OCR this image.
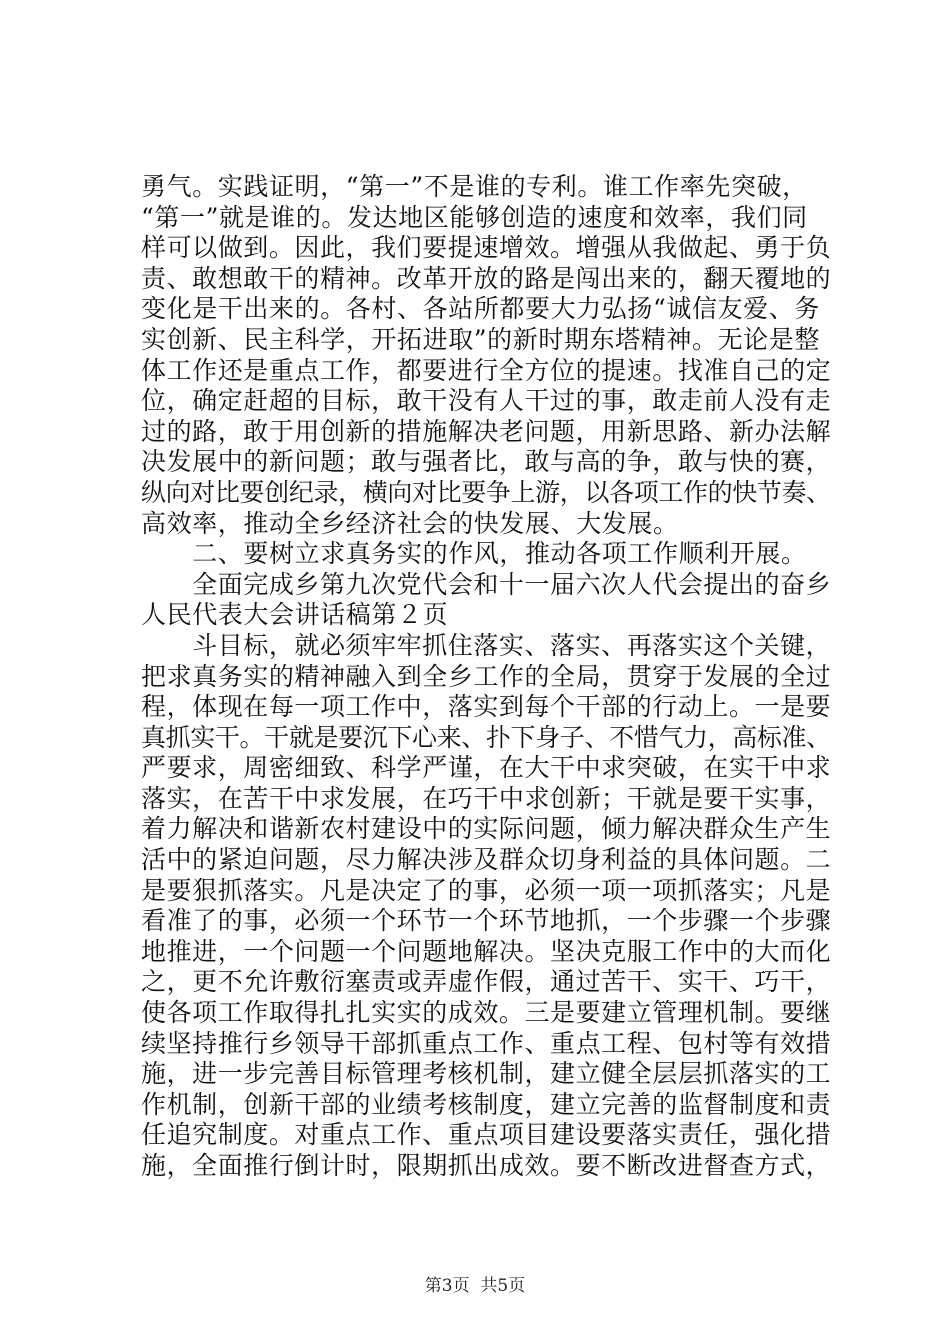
勇气。实践证明，“第一”不是谁的专利。谁工作率先突破，
“第一”就是谁的。发达地区能够创造的速度和效率，我们同
样可以做到。因此，我们要提速增效。增强从我做起、勇于负
责、敢想敢干的精神。改革开放的路是闯出来的，翻天覆地的
变化是干出来的。各村、各站所都要大力弘扬“诚信友爱、务
实创新、民主科学，开拓进取”的新时期东塔精神。无论是整
体工作还是重点工作，都要进行全方位的提速。找准自己的定
位，确定赶超的目标，敢干没有人干过的事，敢走前人没有走
过的路，敢于用创新的措施解决老问题，用新思路、新办法解
决发展中的新问题；敢与强者比，敢与高的争，敢与快的赛，
纵向对比要创纪录，横向对比要争上游，以各项工作的快节奏、
高效率，推动全乡经济社会的快发展、大发展。
　　二、要树立求真务实的作风，推动各项工作顺利开展。
　　全面完成乡第九次党代会和十一届六次人代会提出的奋乡
人民代表大会讲话稿第２页
　　斗目标，就必须牢牢抓住落实、落实、再落实这个关键，
把求真务实的精神融入到全乡工作的全局，贯穿于发展的全过
程，体现在每一项工作中，落实到每个干部的行动上。一是要
真抓实干。干就是要沉下心来、扑下身子、不惜气力，高标准、
严要求，周密细致、科学严谨，在大干中求突破，在实干中求
落实，在苦干中求发展，在巧干中求创新；干就是要干实事，
着力解决和谐新农村建设中的实际问题，倾力解决群众生产生
活中的紧迫问题，尽力解决涉及群众切身利益的具体问题。二
是要狠抓落实。凡是决定了的事，必须一项一项抓落实；凡是
看准了的事，必须一个环节一个环节地抓，一个步骤一个步骤
地推进，一个问题一个问题地解决。坚决克服工作中的大而化
之，更不允许敷衍塞责或弄虚作假，通过苦干、实干、巧干，
使各项工作取得扎扎实实的成效。三是要建立管理机制。要继
续坚持推行乡领导干部抓重点工作、重点工程、包村等有效措
施，进一步完善目标管理考核机制，建立健全层层抓落实的工
作机制，创新干部的业绩考核制度，建立完善的监督制度和责
任追究制度。对重点工作、重点项目建设要落实责任，强化措
施，全面推行倒计时，限期抓出成效。要不断改进督查方式，
第3页  共5页
